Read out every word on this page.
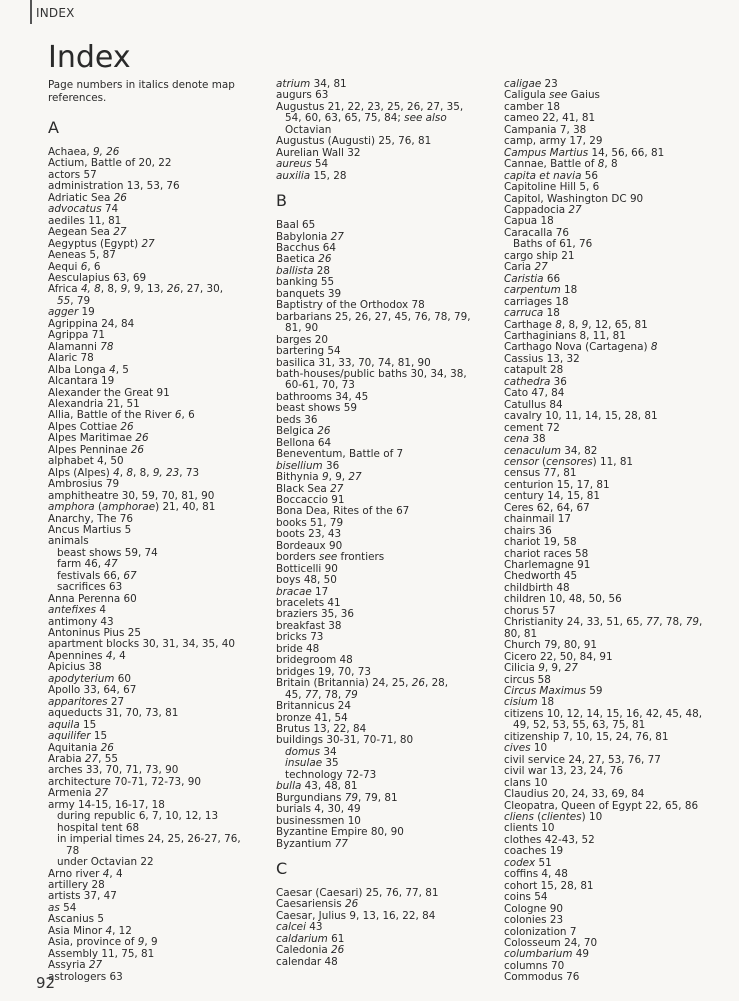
INDEX
Index
Page numbers in italics denote map references.
A
Achaea, 9, 26
Actium, Battle of 20, 22
actors 57
administration 13, 53, 76
Adriatic Sea 26
advocatus 74
aediles 11, 81
Aegean Sea 27
Aegyptus (Egypt) 27
Aeneas 5, 87
Aequi 6, 6
Aesculapius 63, 69
Africa 4, 8, 8, 9, 9, 13, 26, 27, 30,
55, 79
agger 19
Agrippina 24, 84
Agrippa 71
Alamanni 78
Alaric 78
Alba Longa 4, 5
Alcantara 19
Alexander the Great 91
Alexandria 21, 51
Allia, Battle of the River 6, 6
Alpes Cottiae 26
Alpes Maritimae 26
Alpes Penninae 26
alphabet 4, 50
Alps (Alpes) 4, 8, 8, 9, 23, 73
Ambrosius 79
amphitheatre 30, 59, 70, 81, 90
amphora (amphorae) 21, 40, 81
Anarchy, The 76
Ancus Martius 5
animals
beast shows 59, 74
farm 46, 47
festivals 66, 67
sacrifices 63
Anna Perenna 60
antefixes 4
antimony 43
Antoninus Pius 25
apartment blocks 30, 31, 34, 35, 40
Apennines 4, 4
Apicius 38
apodyterium 60
Apollo 33, 64, 67
apparitores 27
aqueducts 31, 70, 73, 81
aquila 15
aquilifer 15
Aquitania 26
Arabia 27, 55
arches 33, 70, 71, 73, 90
architecture 70-71, 72-73, 90
Armenia 27
army 14-15, 16-17, 18
during republic 6, 7, 10, 12, 13
hospital tent 68
in imperial times 24, 25, 26-27, 76,
78
under Octavian 22
Arno river 4, 4
artillery 28
artists 37, 47
as 54
Ascanius 5
Asia Minor 4, 12
Asia, province of 9, 9
Assembly 11, 75, 81
Assyria 27
astrologers 63
atrium 34, 81
augurs 63
Augustus 21, 22, 23, 25, 26, 27, 35,
54, 60, 63, 65, 75, 84; see also
Octavian
Augustus (Augusti) 25, 76, 81
Aurelian Wall 32
aureus 54
auxilia 15, 28
B
Baal 65
Babylonia 27
Bacchus 64
Baetica 26
ballista 28
banking 55
banquets 39
Baptistry of the Orthodox 78
barbarians 25, 26, 27, 45, 76, 78, 79,
81, 90
barges 20
bartering 54
basilica 31, 33, 70, 74, 81, 90
bath-houses/public baths 30, 34, 38,
60-61, 70, 73
bathrooms 34, 45
beast shows 59
beds 36
Belgica 26
Bellona 64
Beneventum, Battle of 7
bisellium 36
Bithynia 9, 9, 27
Black Sea 27
Boccaccio 91
Bona Dea, Rites of the 67
books 51, 79
boots 23, 43
Bordeaux 90
borders see frontiers
Botticelli 90
boys 48, 50
bracae 17
bracelets 41
braziers 35, 36
breakfast 38
bricks 73
bride 48
bridegroom 48
bridges 19, 70, 73
Britain (Britannia) 24, 25, 26, 28,
45, 77, 78, 79
Britannicus 24
bronze 41, 54
Brutus 13, 22, 84
buildings 30-31, 70-71, 80
domus 34
insulae 35
technology 72-73
bulla 43, 48, 81
Burgundians 79, 79, 81
burials 4, 30, 49
businessmen 10
Byzantine Empire 80, 90
Byzantium 77
C
Caesar (Caesari) 25, 76, 77, 81
Caesariensis 26
Caesar, Julius 9, 13, 16, 22, 84
calcei 43
caldarium 61
Caledonia 26
calendar 48
caligae 23
Caligula see Gaius
camber 18
cameo 22, 41, 81
Campania 7, 38
camp, army 17, 29
Campus Martius 14, 56, 66, 81
Cannae, Battle of 8, 8
capita et navia 56
Capitoline Hill 5, 6
Capitol, Washington DC 90
Cappadocia 27
Capua 18
Caracalla 76
Baths of 61, 76
cargo ship 21
Caria 27
Caristia 66
carpentum 18
carriages 18
carruca 18
Carthage 8, 8, 9, 12, 65, 81
Carthaginians 8, 11, 81
Carthago Nova (Cartagena) 8
Cassius 13, 32
catapult 28
cathedra 36
Cato 47, 84
Catullus 84
cavalry 10, 11, 14, 15, 28, 81
cement 72
cena 38
cenaculum 34, 82
censor (censores) 11, 81
census 77, 81
centurion 15, 17, 81
century 14, 15, 81
Ceres 62, 64, 67
chainmail 17
chairs 36
chariot 19, 58
chariot races 58
Charlemagne 91
Chedworth 45
childbirth 48
children 10, 48, 50, 56
chorus 57
Christianity 24, 33, 51, 65, 77, 78, 79,
80, 81
Church 79, 80, 91
Cicero 22, 50, 84, 91
Cilicia 9, 9, 27
circus 58
Circus Maximus 59
cisium 18
citizens 10, 12, 14, 15, 16, 42, 45, 48,
49, 52, 53, 55, 63, 75, 81
citizenship 7, 10, 15, 24, 76, 81
cives 10
civil service 24, 27, 53, 76, 77
civil war 13, 23, 24, 76
clans 10
Claudius 20, 24, 33, 69, 84
Cleopatra, Queen of Egypt 22, 65, 86
cliens (clientes) 10
clients 10
clothes 42-43, 52
coaches 19
codex 51
coffins 4, 48
cohort 15, 28, 81
coins 54
Cologne 90
colonies 23
colonization 7
Colosseum 24, 70
columbarium 49
columns 70
Commodus 76
92
